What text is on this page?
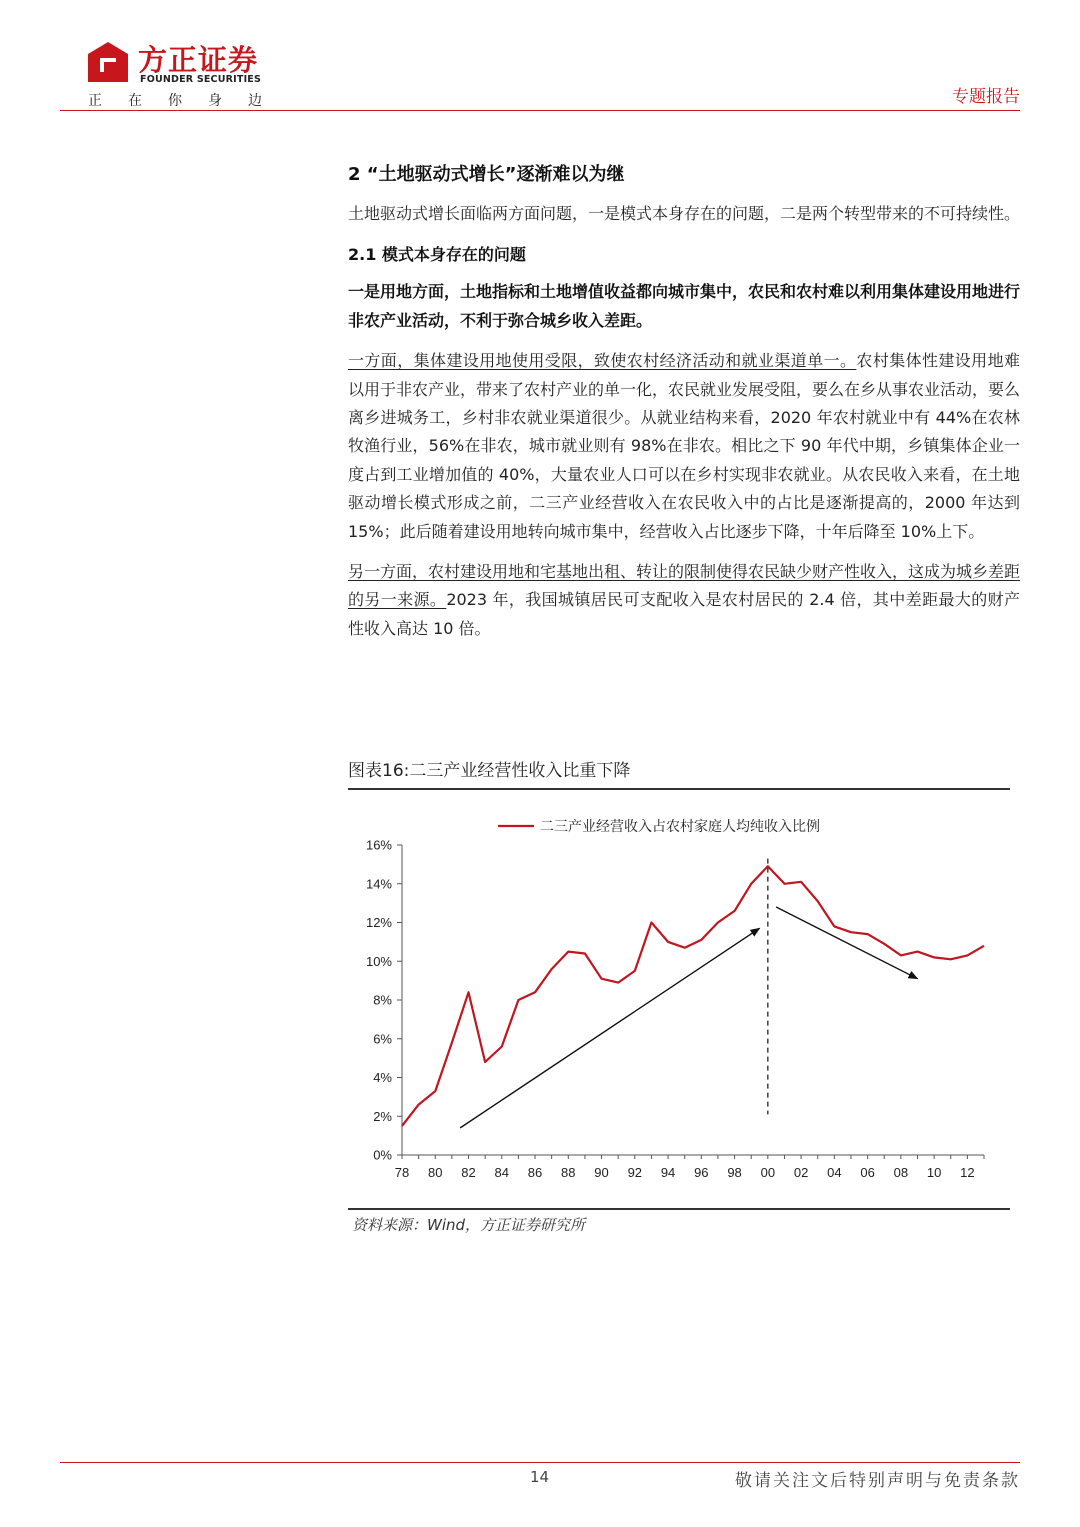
方正证券
FOUNDER SECURITIES
正在你身边	专题报告
2 “土地驱动式增长”逐渐难以为继
土地驱动式增长面临两方面问题，一是模式本身存在的问题，二是两个转型带来的不可持续性。
2.1 模式本身存在的问题
一是用地方面，土地指标和土地增值收益都向城市集中，农民和农村难以利用集体建设用地进行非农产业活动，不利于弥合城乡收入差距。
一方面，集体建设用地使用受限，致使农村经济活动和就业渠道单一。农村集体性建设用地难以用于非农产业，带来了农村产业的单一化，农民就业发展受阻，要么在乡从事农业活动，要么离乡进城务工，乡村非农就业渠道很少。从就业结构来看，2020 年农村就业中有 44%在农林牧渔行业，56%在非农，城市就业则有 98%在非农。相比之下 90 年代中期，乡镇集体企业一度占到工业增加值的 40%，大量农业人口可以在乡村实现非农就业。从农民收入来看，在土地驱动增长模式形成之前，二三产业经营收入在农民收入中的占比是逐渐提高的，2000 年达到 15%；此后随着建设用地转向城市集中，经营收入占比逐步下降，十年后降至 10%上下。
另一方面，农村建设用地和宅基地出租、转让的限制使得农民缺少财产性收入，这成为城乡差距的另一来源。2023 年，我国城镇居民可支配收入是农村居民的 2.4 倍，其中差距最大的财产性收入高达 10 倍。
图表16:二三产业经营性收入比重下降
0%
2%
4%
6%
8%
10%
12%
14%
16%
78 80 82 84 86 88 90 92 94 96 98 00 02 04 06 08 10 12
二三产业经营收入占农村家庭人均纯收入比例
资料来源：Wind，方正证券研究所
14	敬请关注文后特别声明与免责条款
